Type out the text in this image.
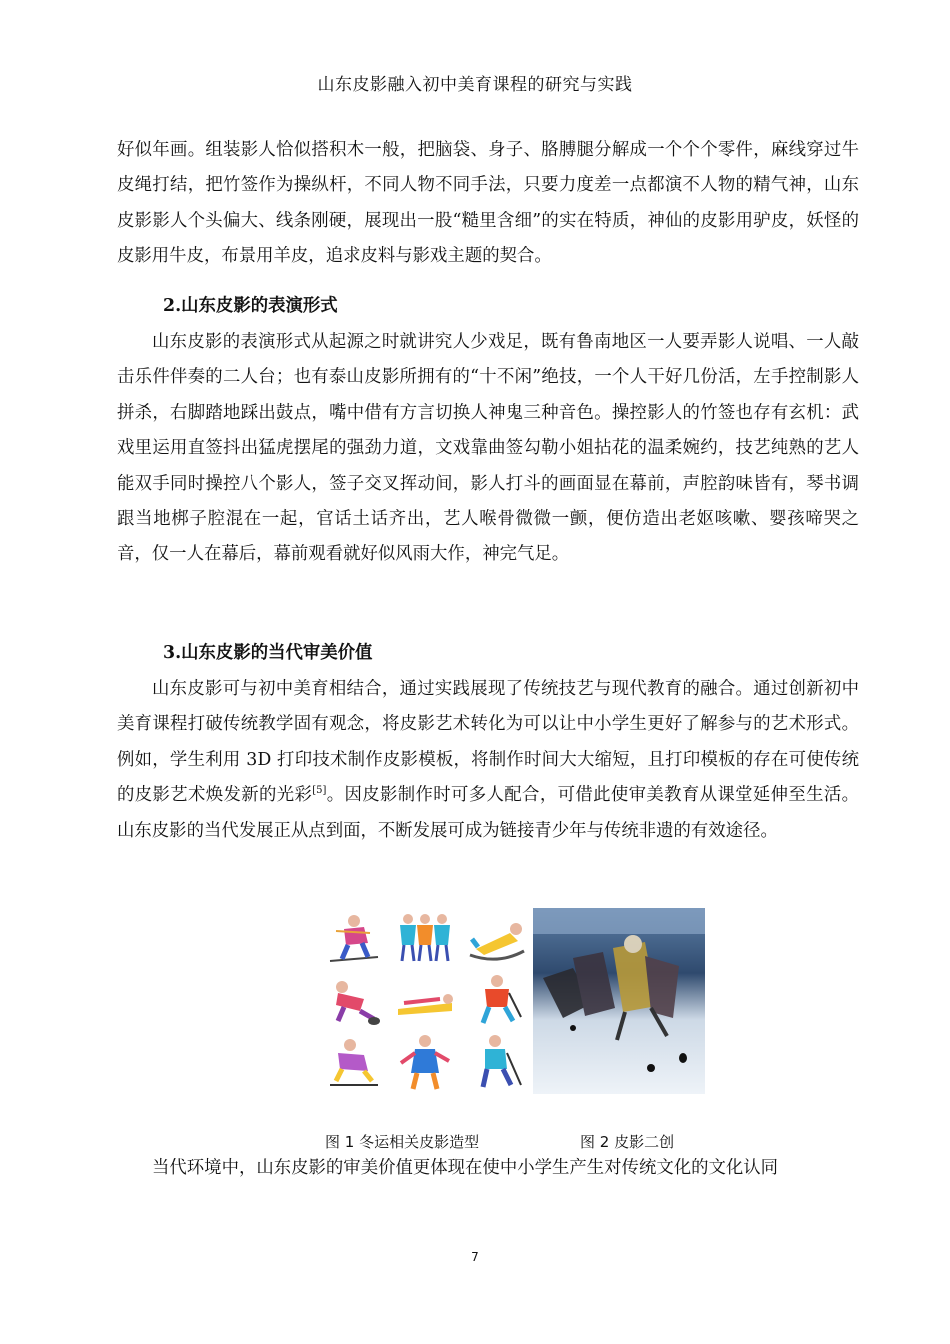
山东皮影融入初中美育课程的研究与实践

好似年画。组装影人恰似搭积木一般，把脑袋、身子、胳膊腿分解成一个个个零件，麻线穿过牛皮绳打结，把竹签作为操纵杆，不同人物不同手法，只要力度差一点都演不人物的精气神，山东皮影影人个头偏大、线条刚硬，展现出一股“糙里含细”的实在特质，神仙的皮影用驴皮，妖怪的皮影用牛皮，布景用羊皮，追求皮料与影戏主题的契合。

2.山东皮影的表演形式

山东皮影的表演形式从起源之时就讲究人少戏足，既有鲁南地区一人要弄影人说唱、一人敲击乐件伴奏的二人台；也有泰山皮影所拥有的“十不闲”绝技，一个人干好几份活，左手控制影人拼杀，右脚踏地踩出鼓点，嘴中借有方言切换人神鬼三种音色。操控影人的竹签也存有玄机：武戏里运用直签抖出猛虎摆尾的强劲力道，文戏靠曲签勾勒小姐拈花的温柔婉约，技艺纯熟的艺人能双手同时操控八个影人，签子交叉挥动间，影人打斗的画面显在幕前，声腔韵味皆有，琴书调跟当地梆子腔混在一起，官话土话齐出，艺人喉骨微微一颤，便仿造出老妪咳嗽、婴孩啼哭之音，仅一人在幕后，幕前观看就好似风雨大作，神完气足。

3.山东皮影的当代审美价值

山东皮影可与初中美育相结合，通过实践展现了传统技艺与现代教育的融合。通过创新初中美育课程打破传统教学固有观念，将皮影艺术转化为可以让中小学生更好了解参与的艺术形式。例如，学生利用 3D 打印技术制作皮影模板，将制作时间大大缩短，且打印模板的存在可使传统的皮影艺术焕发新的光彩[5]。因皮影制作时可多人配合，可借此使审美教育从课堂延伸至生活。山东皮影的当代发展正从点到面，不断发展可成为链接青少年与传统非遗的有效途径。

图 1 冬运相关皮影造型	图 2 皮影二创

当代环境中，山东皮影的审美价值更体现在使中小学生产生对传统文化的文化认同

7
